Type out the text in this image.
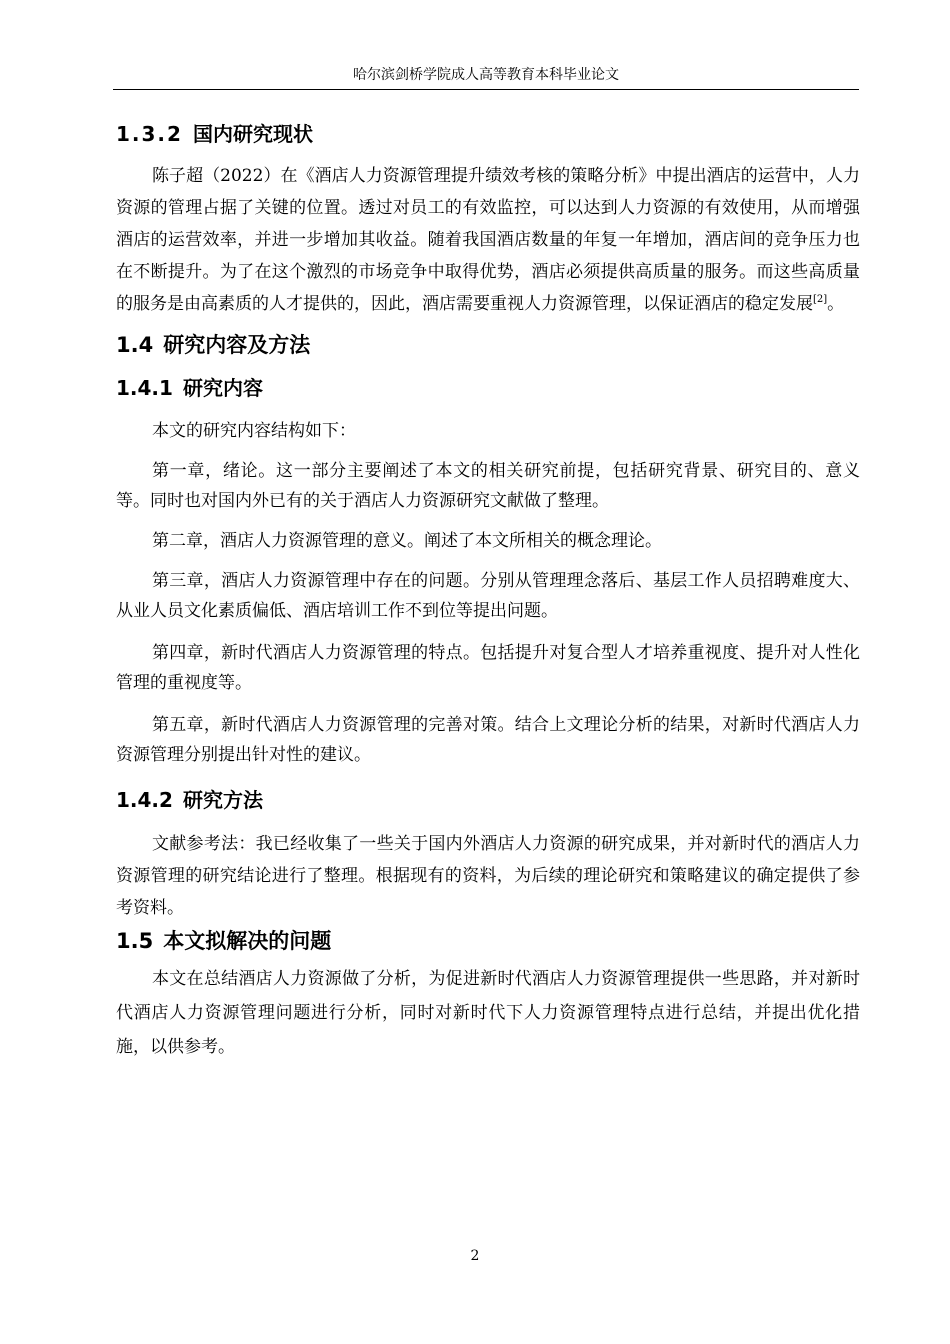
哈尔滨剑桥学院成人高等教育本科毕业论文
1.3.2 国内研究现状

陈子超（2022）在《酒店人力资源管理提升绩效考核的策略分析》中提出酒店的运营中，人力资源的管理占据了关键的位置。透过对员工的有效监控，可以达到人力资源的有效使用，从而增强酒店的运营效率，并进一步增加其收益。随着我国酒店数量的年复一年增加，酒店间的竞争压力也在不断提升。为了在这个激烈的市场竞争中取得优势，酒店必须提供高质量的服务。而这些高质量的服务是由高素质的人才提供的，因此，酒店需要重视人力资源管理，以保证酒店的稳定发展[2]。

1.4 研究内容及方法
1.4.1 研究内容

本文的研究内容结构如下：

第一章，绪论。这一部分主要阐述了本文的相关研究前提，包括研究背景、研究目的、意义等。同时也对国内外已有的关于酒店人力资源研究文献做了整理。

第二章，酒店人力资源管理的意义。阐述了本文所相关的概念理论。

第三章，酒店人力资源管理中存在的问题。分别从管理理念落后、基层工作人员招聘难度大、从业人员文化素质偏低、酒店培训工作不到位等提出问题。

第四章，新时代酒店人力资源管理的特点。包括提升对复合型人才培养重视度、提升对人性化管理的重视度等。

第五章，新时代酒店人力资源管理的完善对策。结合上文理论分析的结果，对新时代酒店人力资源管理分别提出针对性的建议。

1.4.2 研究方法

文献参考法：我已经收集了一些关于国内外酒店人力资源的研究成果，并对新时代的酒店人力资源管理的研究结论进行了整理。根据现有的资料，为后续的理论研究和策略建议的确定提供了参考资料。

1.5 本文拟解决的问题

本文在总结酒店人力资源做了分析，为促进新时代酒店人力资源管理提供一些思路，并对新时代酒店人力资源管理问题进行分析，同时对新时代下人力资源管理特点进行总结，并提出优化措施，以供参考。

2
